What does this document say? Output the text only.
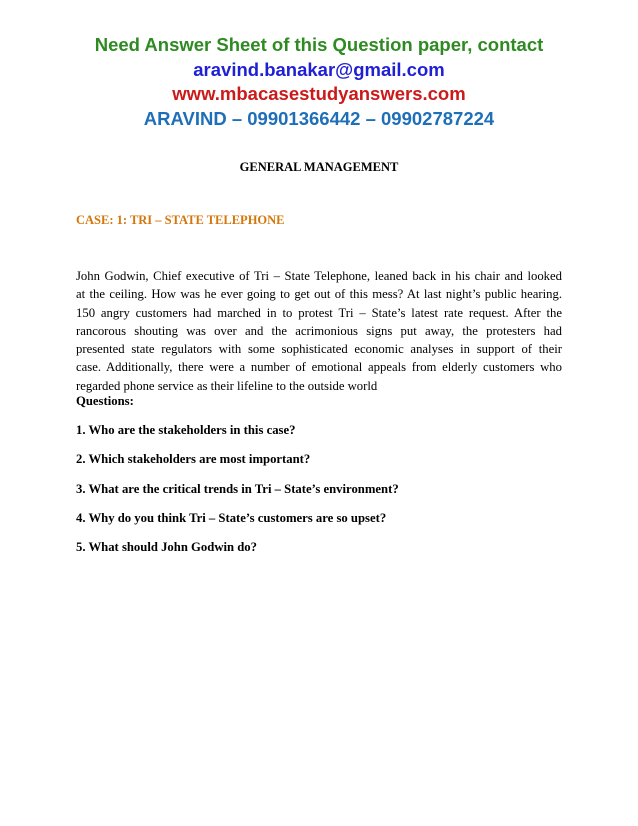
Need Answer Sheet of this Question paper, contact
aravind.banakar@gmail.com
www.mbacasestudyanswers.com
ARAVIND – 09901366442 – 09902787224
GENERAL MANAGEMENT
CASE: 1: TRI – STATE TELEPHONE
John Godwin, Chief executive of Tri – State Telephone, leaned back in his chair and looked
at the ceiling. How was he ever going to get out of this mess? At last night’s public hearing.
150 angry customers had marched in to protest Tri – State’s latest rate request. After the
rancorous shouting was over and the acrimonious signs put away, the protesters had
presented state regulators with some sophisticated economic analyses in support of their
case. Additionally, there were a number of emotional appeals from elderly customers who
regarded phone service as their lifeline to the outside world
Questions:
1. Who are the stakeholders in this case?
2. Which stakeholders are most important?
3. What are the critical trends in Tri – State’s environment?
4. Why do you think Tri – State’s customers are so upset?
5. What should John Godwin do?
